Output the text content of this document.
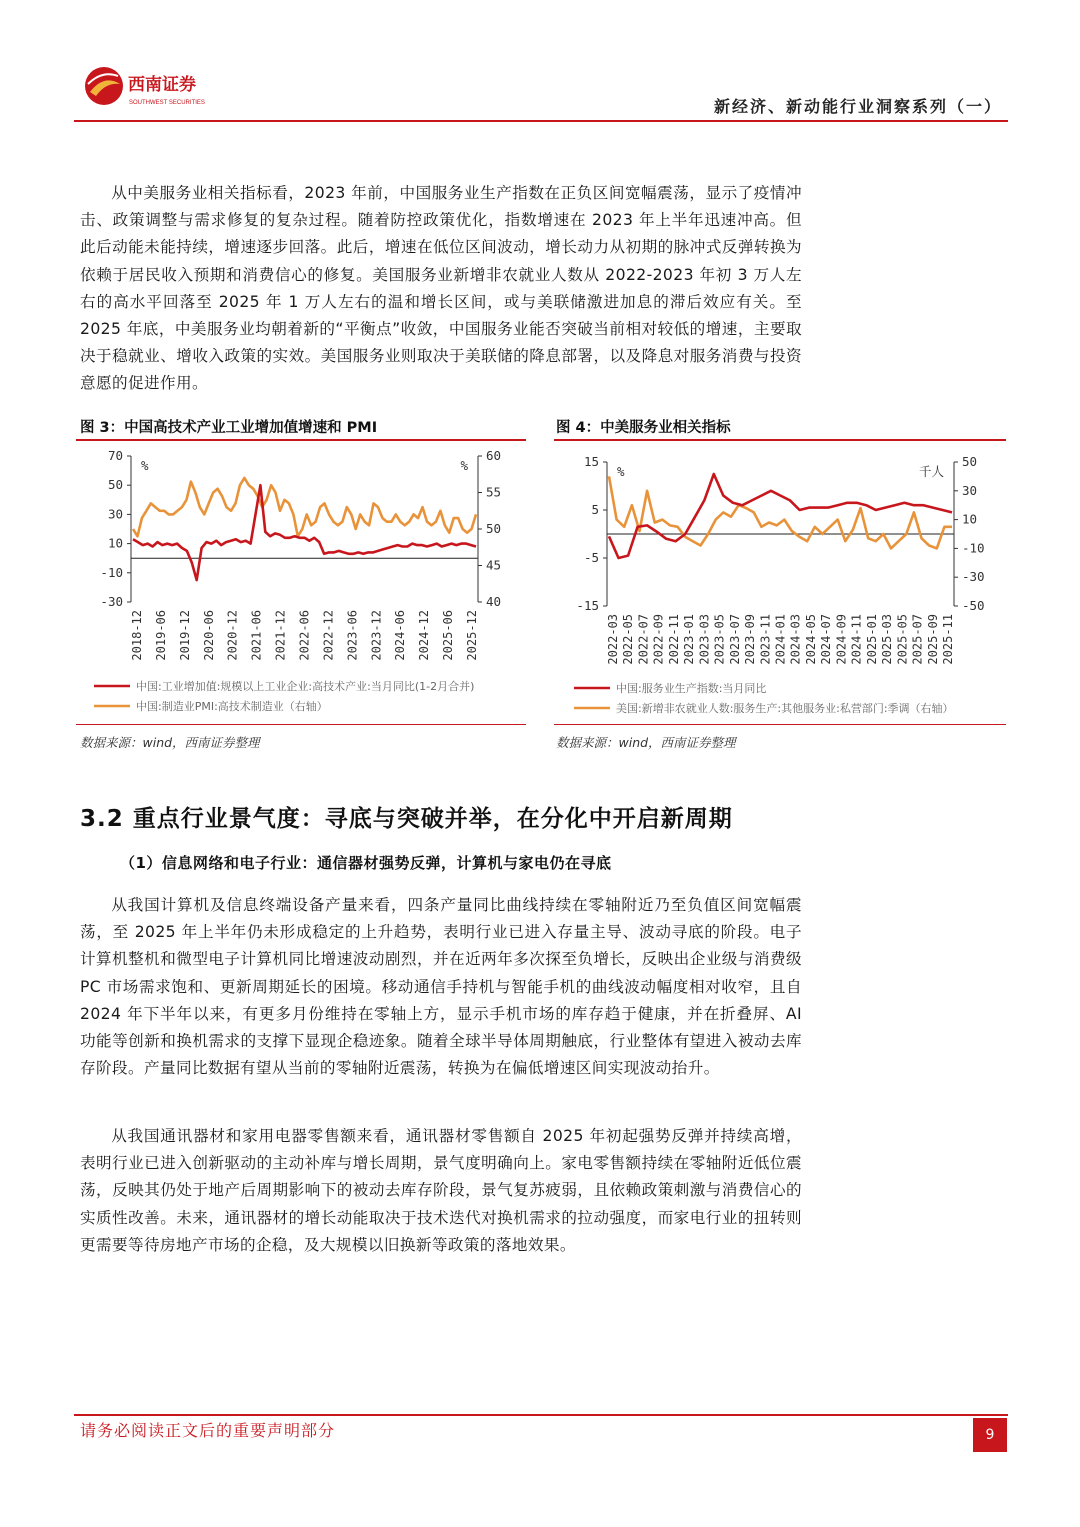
西南证券
SOUTHWEST SECURITIES	新经济、新动能行业洞察系列（一）

从中美服务业相关指标看，2023 年前，中国服务业生产指数在正负区间宽幅震荡，显示了疫情冲击、政策调整与需求修复的复杂过程。随着防控政策优化，指数增速在 2023 年上半年迅速冲高。但此后动能未能持续，增速逐步回落。此后，增速在低位区间波动，增长动力从初期的脉冲式反弹转换为依赖于居民收入预期和消费信心的修复。美国服务业新增非农就业人数从 2022-2023 年初 3 万人左右的高水平回落至 2025 年 1 万人左右的温和增长区间，或与美联储激进加息的滞后效应有关。至 2025 年底，中美服务业均朝着新的“平衡点”收敛，中国服务业能否突破当前相对较低的增速，主要取决于稳就业、增收入政策的实效。美国服务业则取决于美联储的降息部署，以及降息对服务消费与投资意愿的促进作用。

图 3：中国高技术产业工业增加值增速和 PMI
70
50
30
10
-10
-30
60
55
50
45
40
%	%
2018-12 2019-06 2019-12 2020-06 2020-12 2021-06 2021-12 2022-06 2022-12 2023-06 2023-12 2024-06 2024-12 2025-06 2025-12
中国:工业增加值:规模以上工业企业:高技术产业:当月同比(1-2月合并)
中国:制造业PMI:高技术制造业（右轴）
数据来源：wind，西南证券整理
图 4：中美服务业相关指标
15
5
-5
-15
50
30
10
-10
-30
-50
%	千人
2022-03 2022-05 2022-07 2022-09 2022-11 2023-01 2023-03 2023-05 2023-07 2023-09 2023-11 2024-01 2024-03 2024-05 2024-07 2024-09 2024-11 2025-01 2025-03 2025-05 2025-07 2025-09 2025-11
中国:服务业生产指数:当月同比
美国:新增非农就业人数:服务生产:其他服务业:私营部门:季调（右轴）
数据来源：wind，西南证券整理
3.2 重点行业景气度：寻底与突破并举，在分化中开启新周期
（1）信息网络和电子行业：通信器材强势反弹，计算机与家电仍在寻底

从我国计算机及信息终端设备产量来看，四条产量同比曲线持续在零轴附近乃至负值区间宽幅震荡，至 2025 年上半年仍未形成稳定的上升趋势，表明行业已进入存量主导、波动寻底的阶段。电子计算机整机和微型电子计算机同比增速波动剧烈，并在近两年多次探至负增长，反映出企业级与消费级 PC 市场需求饱和、更新周期延长的困境。移动通信手持机与智能手机的曲线波动幅度相对收窄，且自 2024 年下半年以来，有更多月份维持在零轴上方，显示手机市场的库存趋于健康，并在折叠屏、AI 功能等创新和换机需求的支撑下显现企稳迹象。随着全球半导体周期触底，行业整体有望进入被动去库存阶段。产量同比数据有望从当前的零轴附近震荡，转换为在偏低增速区间实现波动抬升。

从我国通讯器材和家用电器零售额来看，通讯器材零售额自 2025 年初起强势反弹并持续高增，表明行业已进入创新驱动的主动补库与增长周期，景气度明确向上。家电零售额持续在零轴附近低位震荡，反映其仍处于地产后周期影响下的被动去库存阶段，景气复苏疲弱，且依赖政策刺激与消费信心的实质性改善。未来，通讯器材的增长动能取决于技术迭代对换机需求的拉动强度，而家电行业的扭转则更需要等待房地产市场的企稳，及大规模以旧换新等政策的落地效果。

请务必阅读正文后的重要声明部分	9
